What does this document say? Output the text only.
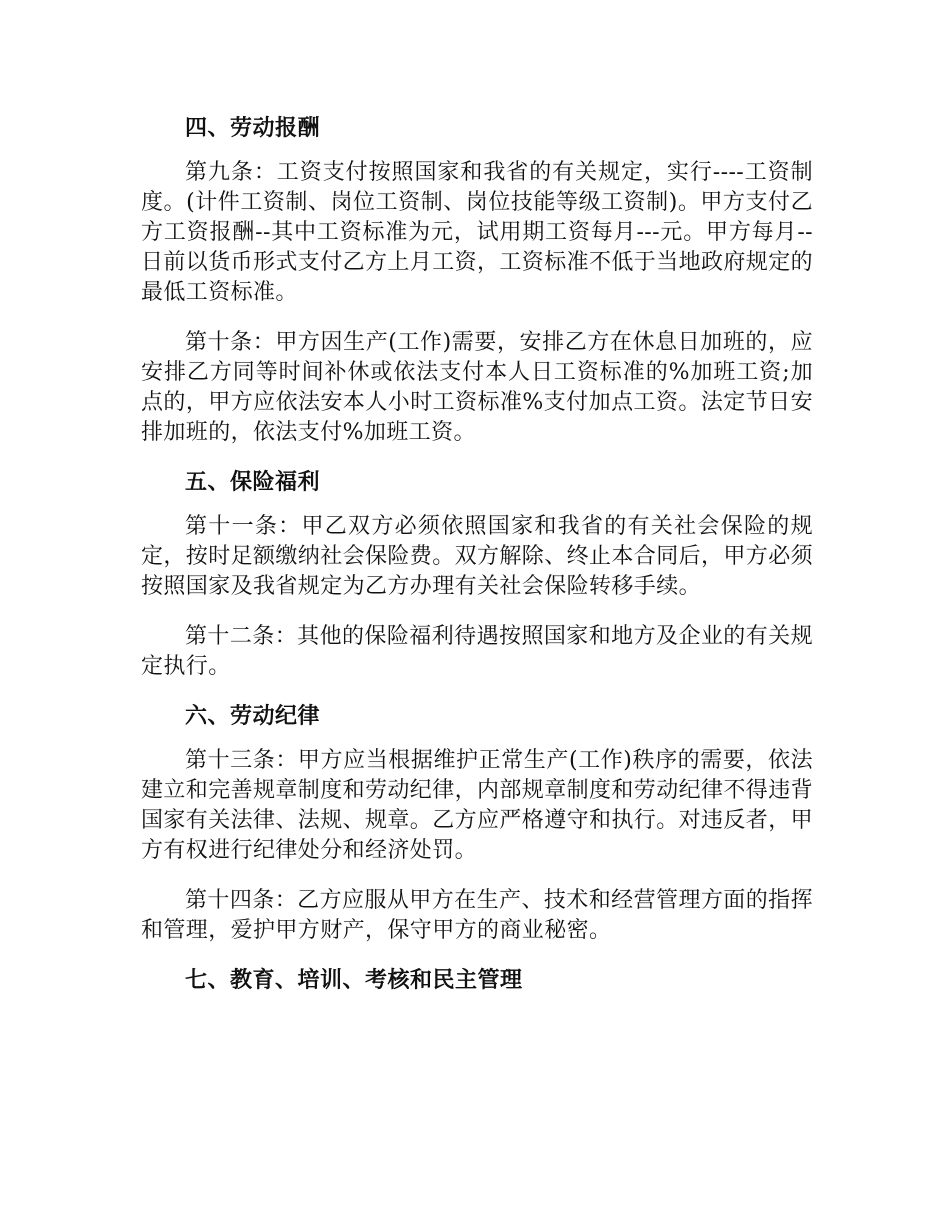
四、劳动报酬

第九条：工资支付按照国家和我省的有关规定，实行----工资制度。(计件工资制、岗位工资制、岗位技能等级工资制)。甲方支付乙方工资报酬--其中工资标准为元，试用期工资每月---元。甲方每月--日前以货币形式支付乙方上月工资，工资标准不低于当地政府规定的最低工资标准。

第十条：甲方因生产(工作)需要，安排乙方在休息日加班的，应安排乙方同等时间补休或依法支付本人日工资标准的%加班工资;加点的，甲方应依法安本人小时工资标准%支付加点工资。法定节日安排加班的，依法支付%加班工资。

五、保险福利

第十一条：甲乙双方必须依照国家和我省的有关社会保险的规定，按时足额缴纳社会保险费。双方解除、终止本合同后，甲方必须按照国家及我省规定为乙方办理有关社会保险转移手续。

第十二条：其他的保险福利待遇按照国家和地方及企业的有关规定执行。

六、劳动纪律

第十三条：甲方应当根据维护正常生产(工作)秩序的需要，依法建立和完善规章制度和劳动纪律，内部规章制度和劳动纪律不得违背国家有关法律、法规、规章。乙方应严格遵守和执行。对违反者，甲方有权进行纪律处分和经济处罚。

第十四条：乙方应服从甲方在生产、技术和经营管理方面的指挥和管理，爱护甲方财产，保守甲方的商业秘密。

七、教育、培训、考核和民主管理
